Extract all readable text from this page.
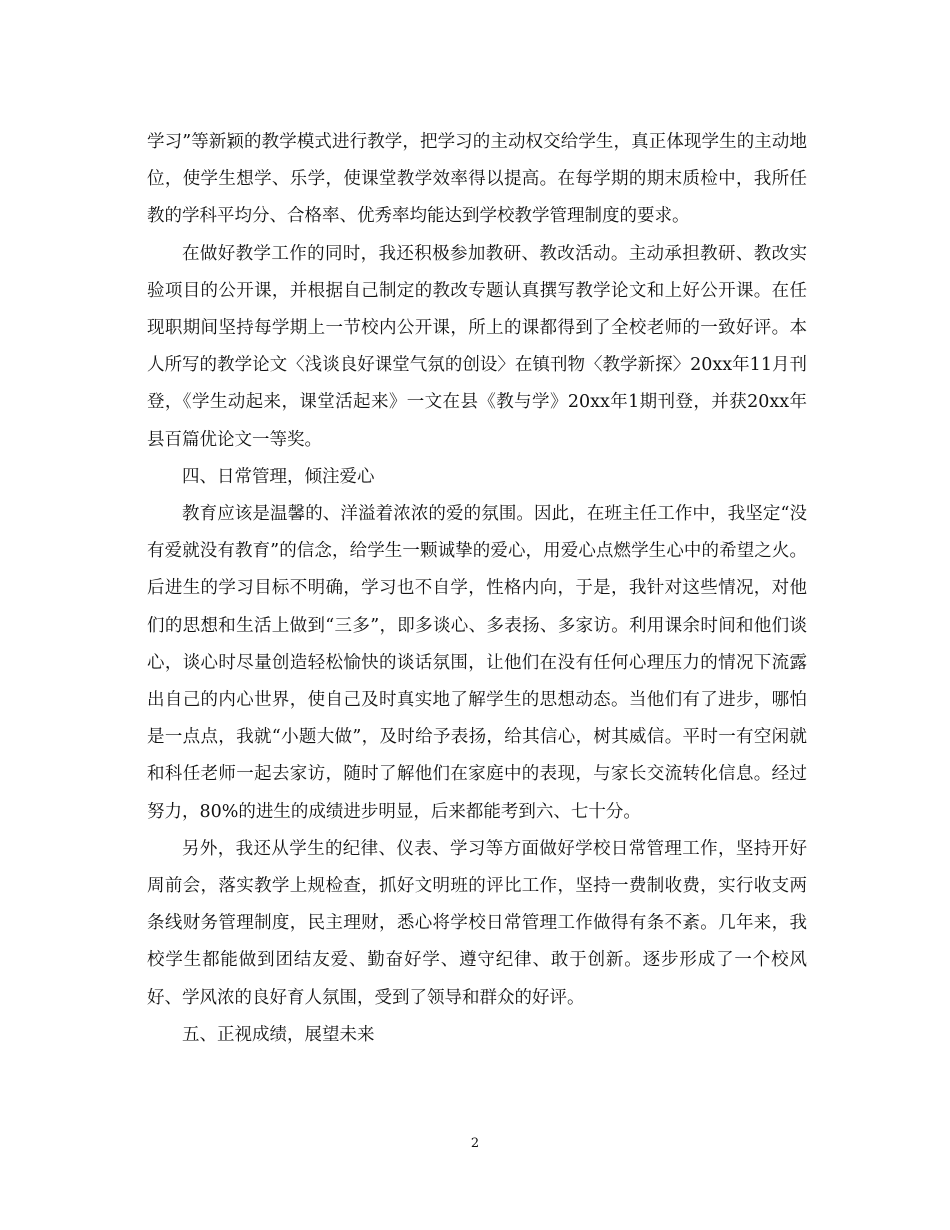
学习”等新颖的教学模式进行教学，把学习的主动权交给学生，真正体现学生的主动地位，使学生想学、乐学，使课堂教学效率得以提高。在每学期的期末质检中，我所任教的学科平均分、合格率、优秀率均能达到学校教学管理制度的要求。

在做好教学工作的同时，我还积极参加教研、教改活动。主动承担教研、教改实验项目的公开课，并根据自己制定的教改专题认真撰写教学论文和上好公开课。在任现职期间坚持每学期上一节校内公开课，所上的课都得到了全校老师的一致好评。本人所写的教学论文〈浅谈良好课堂气氛的创设〉在镇刊物〈教学新探〉20xx年11月刊登，《学生动起来，课堂活起来》一文在县《教与学》20xx年1期刊登，并获20xx年县百篇优论文一等奖。

四、日常管理，倾注爱心

教育应该是温馨的、洋溢着浓浓的爱的氛围。因此，在班主任工作中，我坚定“没有爱就没有教育”的信念，给学生一颗诚挚的爱心，用爱心点燃学生心中的希望之火。后进生的学习目标不明确，学习也不自学，性格内向，于是，我针对这些情况，对他们的思想和生活上做到“三多”，即多谈心、多表扬、多家访。利用课余时间和他们谈心，谈心时尽量创造轻松愉快的谈话氛围，让他们在没有任何心理压力的情况下流露出自己的内心世界，使自己及时真实地了解学生的思想动态。当他们有了进步，哪怕是一点点，我就“小题大做”，及时给予表扬，给其信心，树其威信。平时一有空闲就和科任老师一起去家访，随时了解他们在家庭中的表现，与家长交流转化信息。经过努力，80%的进生的成绩进步明显，后来都能考到六、七十分。

另外，我还从学生的纪律、仪表、学习等方面做好学校日常管理工作，坚持开好周前会，落实教学上规检查，抓好文明班的评比工作，坚持一费制收费，实行收支两条线财务管理制度，民主理财，悉心将学校日常管理工作做得有条不紊。几年来，我校学生都能做到团结友爱、勤奋好学、遵守纪律、敢于创新。逐步形成了一个校风好、学风浓的良好育人氛围，受到了领导和群众的好评。

五、正视成绩，展望未来

2
